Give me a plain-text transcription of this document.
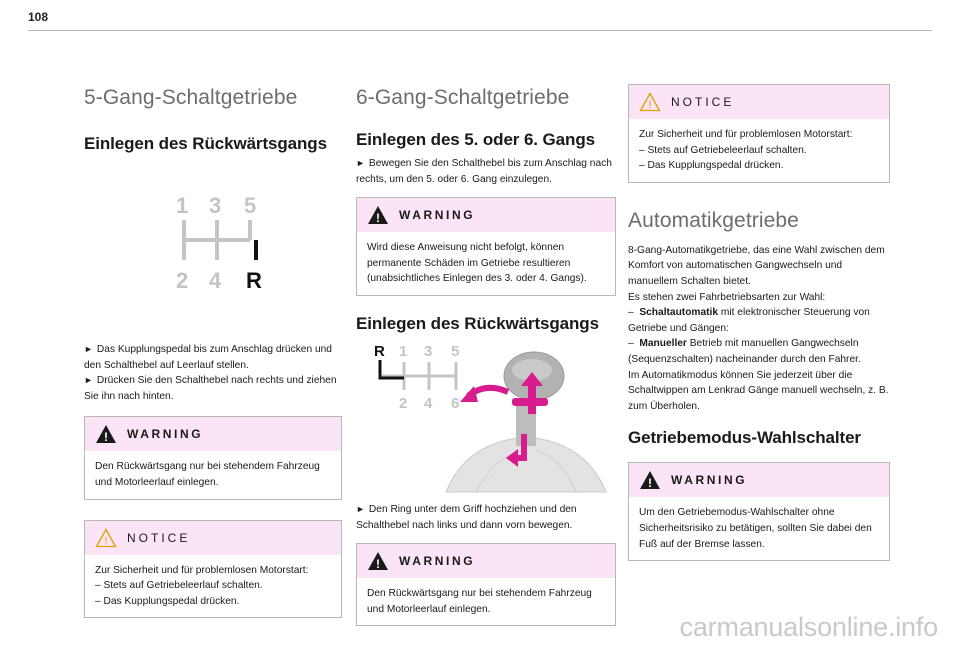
108
5-Gang-Schaltgetriebe
Einlegen des Rückwärtsgangs
1 3 5
2 4 R

► Das Kupplungspedal bis zum Anschlag drücken und den Schalthebel auf Leerlauf stellen.

► Drücken Sie den Schalthebel nach rechts und ziehen Sie ihn nach hinten.

! WARNING
Den Rückwärtsgang nur bei stehendem Fahrzeug und Motorleerlauf einlegen.
! NOTICE
Zur Sicherheit und für problemlosen Motorstart:
– Stets auf Getriebeleerlauf schalten.
– Das Kupplungspedal drücken.
6-Gang-Schaltgetriebe
Einlegen des 5. oder 6. Gangs

► Bewegen Sie den Schalthebel bis zum Anschlag nach rechts, um den 5. oder 6. Gang einzulegen.

! WARNING
Wird diese Anweisung nicht befolgt, können permanente Schäden im Getriebe resultieren (unabsichtliches Einlegen des 3. oder 4. Gangs).
Einlegen des Rückwärtsgangs
R 1 3 5
2 4 6

► Den Ring unter dem Griff hochziehen und den Schalthebel nach links und dann vorn bewegen.

! WARNING
Den Rückwärtsgang nur bei stehendem Fahrzeug und Motorleerlauf einlegen.
! NOTICE
Zur Sicherheit und für problemlosen Motorstart:
– Stets auf Getriebeleerlauf schalten.
– Das Kupplungspedal drücken.
Automatikgetriebe

8-Gang-Automatikgetriebe, das eine Wahl zwischen dem Komfort von automatischen Gangwechseln und manuellem Schalten bietet.

Es stehen zwei Fahrbetriebsarten zur Wahl:

– Schaltautomatik mit elektronischer Steuerung von Getriebe und Gängen:

– Manueller Betrieb mit manuellen Gangwechseln (Sequenzschalten) nacheinander durch den Fahrer.

Im Automatikmodus können Sie jederzeit über die Schaltwippen am Lenkrad Gänge manuell wechseln, z. B. zum Überholen.

Getriebemodus-Wahlschalter
! WARNING
Um den Getriebemodus-Wahlschalter ohne Sicherheitsrisiko zu betätigen, sollten Sie dabei den Fuß auf der Bremse lassen.
carmanualsonline.info
